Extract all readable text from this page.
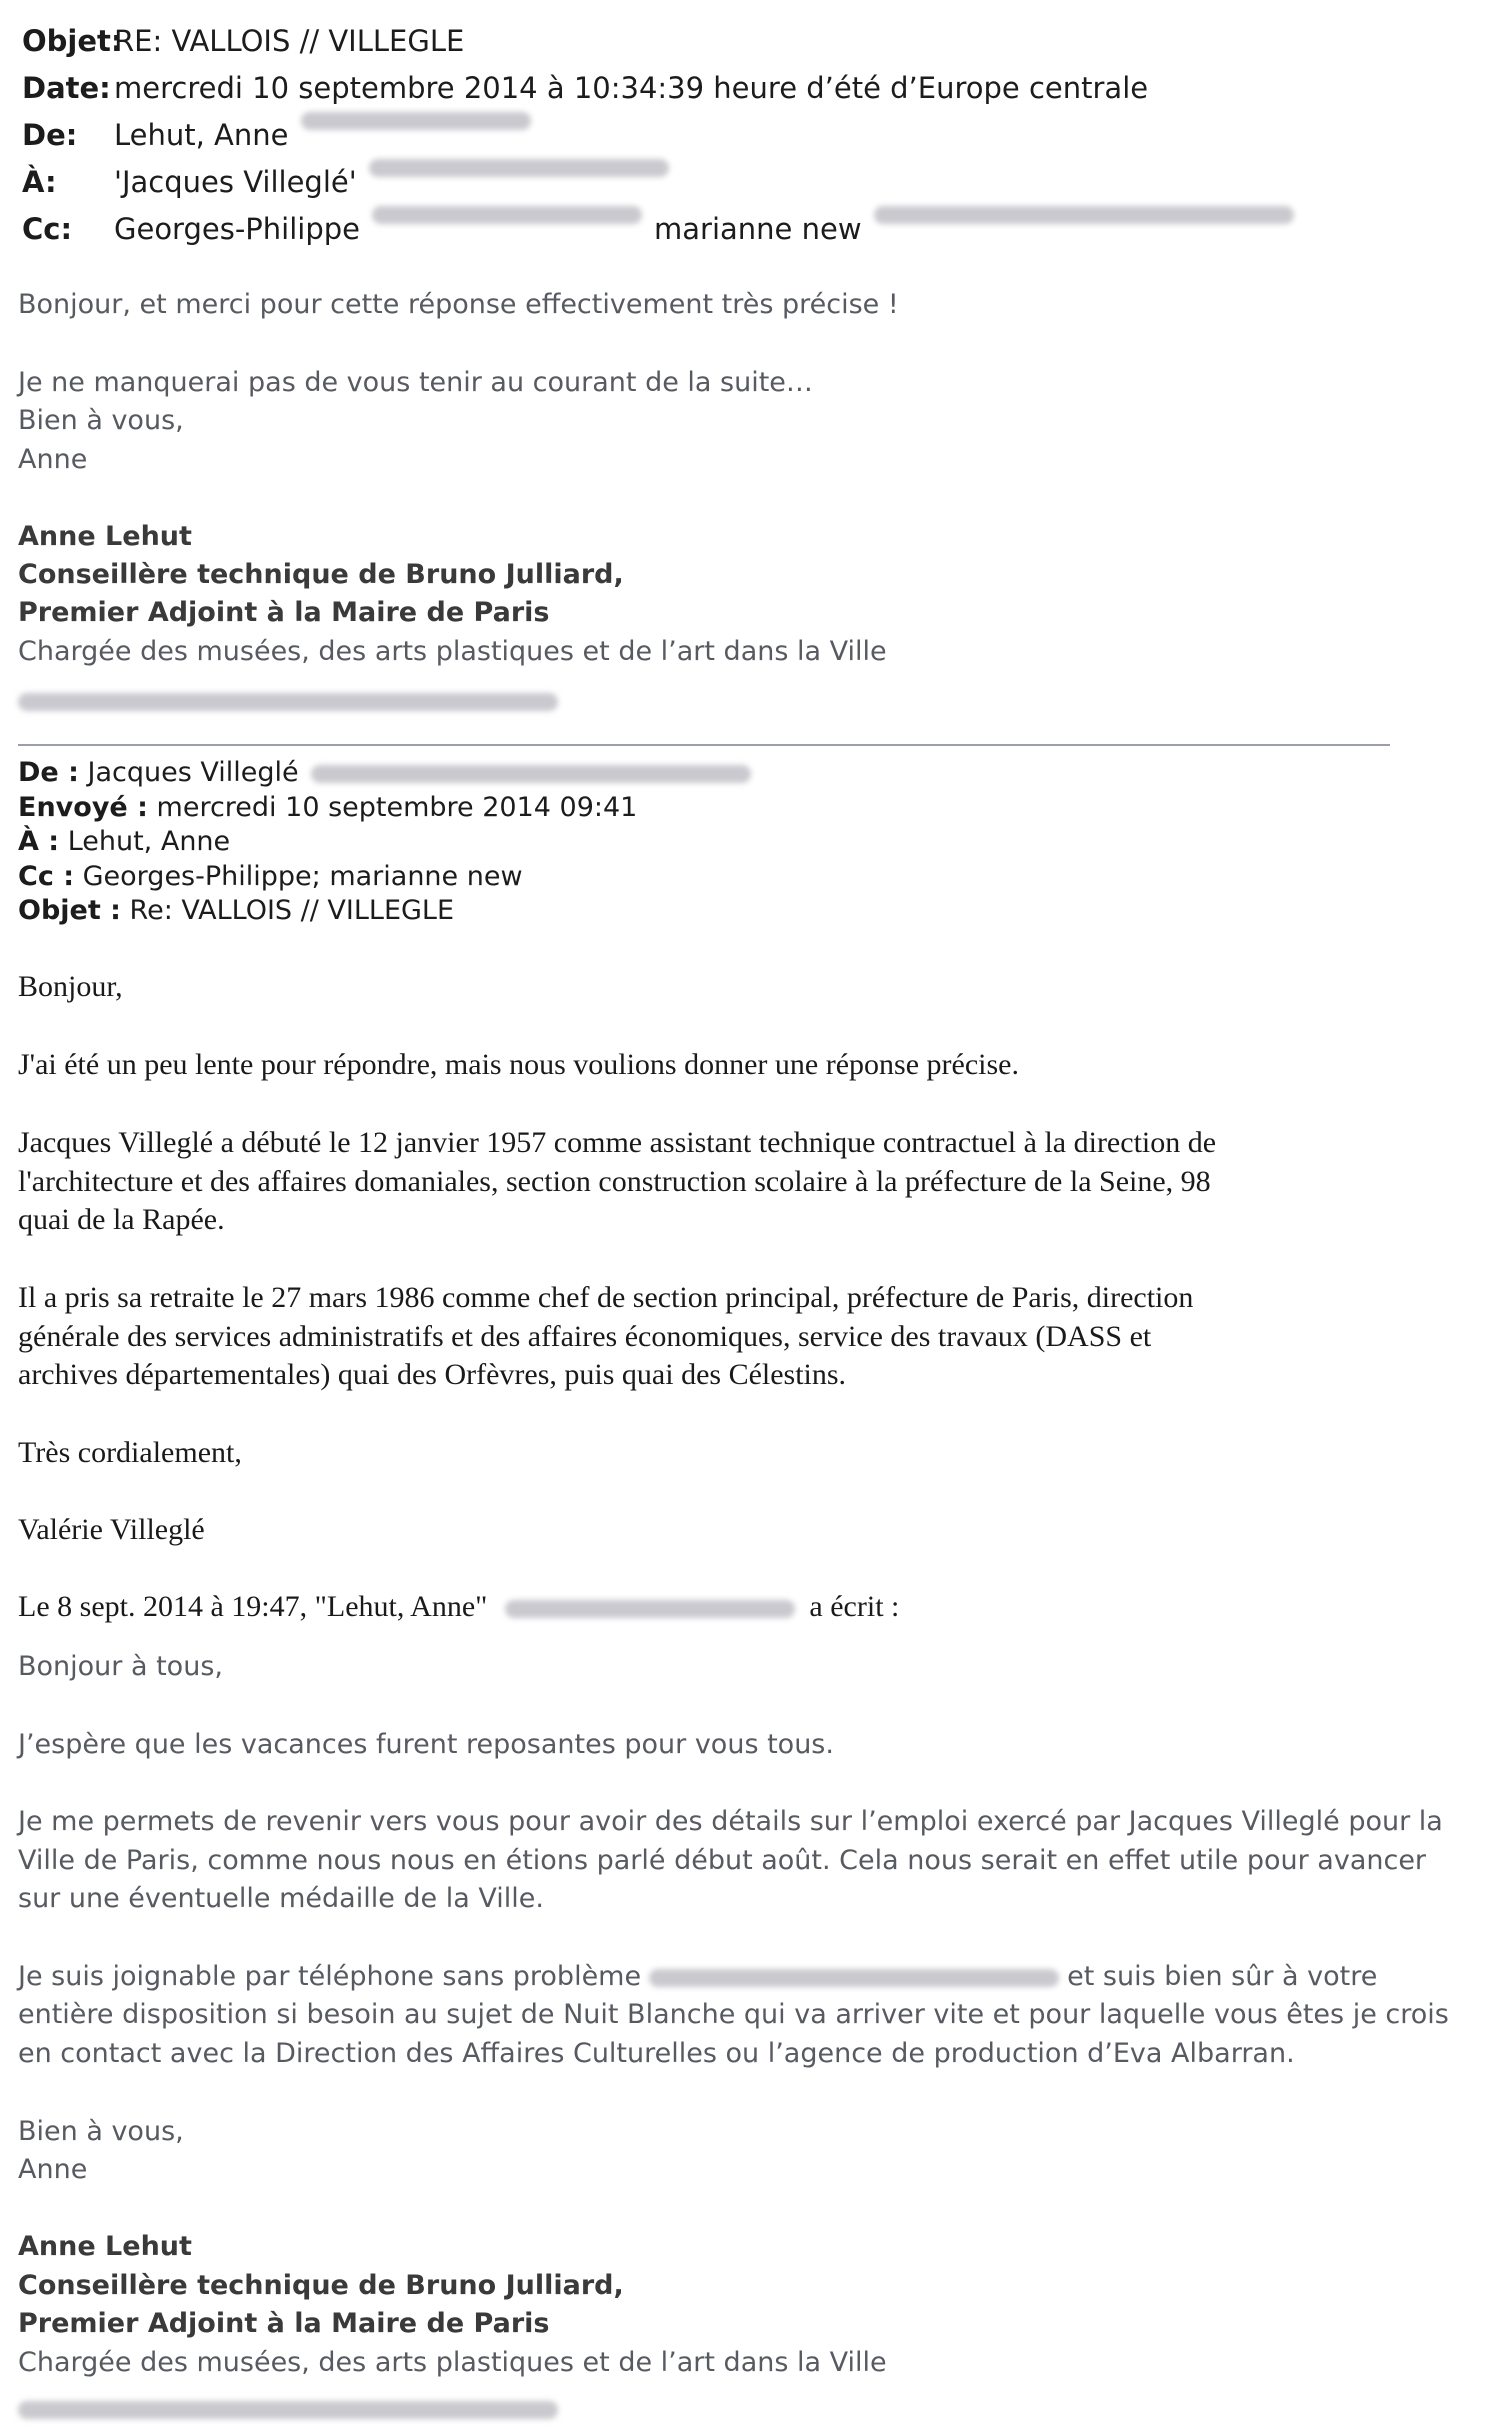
Objet:
RE: VALLOIS // VILLEGLE
Date: mercredi 10 septembre 2014 à 10:34:39 heure d’été d’Europe centrale
De:	Lehut, Anne
À:	'Jacques Villeglé'
Cc:	Georges-Philippe	marianne new
Bonjour, et merci pour cette réponse effectivement très précise !
Je ne manquerai pas de vous tenir au courant de la suite…
Bien à vous,
Anne
Anne Lehut
Conseillère technique de Bruno Julliard,
Premier Adjoint à la Maire de Paris
Chargée des musées, des arts plastiques et de l’art dans la Ville
De : Jacques Villeglé
Envoyé : mercredi 10 septembre 2014 09:41
À : Lehut, Anne
Cc : Georges-Philippe; marianne new
Objet : Re: VALLOIS // VILLEGLE
Bonjour,
J'ai été un peu lente pour répondre, mais nous voulions donner une réponse précise.
Jacques Villeglé a débuté le 12 janvier 1957 comme assistant technique contractuel à la direction de
l'architecture et des affaires domaniales, section construction scolaire à la préfecture de la Seine, 98
quai de la Rapée.
Il a pris sa retraite le 27 mars 1986 comme chef de section principal, préfecture de Paris, direction
générale des services administratifs et des affaires économiques, service des travaux (DASS et
archives départementales) quai des Orfèvres, puis quai des Célestins.
Très cordialement,
Valérie Villeglé
Le 8 sept. 2014 à 19:47, "Lehut, Anne"	a écrit :
Bonjour à tous,
J’espère que les vacances furent reposantes pour vous tous.
Je me permets de revenir vers vous pour avoir des détails sur l’emploi exercé par Jacques Villeglé pour la
Ville de Paris, comme nous nous en étions parlé début août. Cela nous serait en effet utile pour avancer
sur une éventuelle médaille de la Ville.
Je suis joignable par téléphone sans problème	et suis bien sûr à votre
entière disposition si besoin au sujet de Nuit Blanche qui va arriver vite et pour laquelle vous êtes je crois
en contact avec la Direction des Affaires Culturelles ou l’agence de production d’Eva Albarran.
Bien à vous,
Anne
Anne Lehut
Conseillère technique de Bruno Julliard,
Premier Adjoint à la Maire de Paris
Chargée des musées, des arts plastiques et de l’art dans la Ville
